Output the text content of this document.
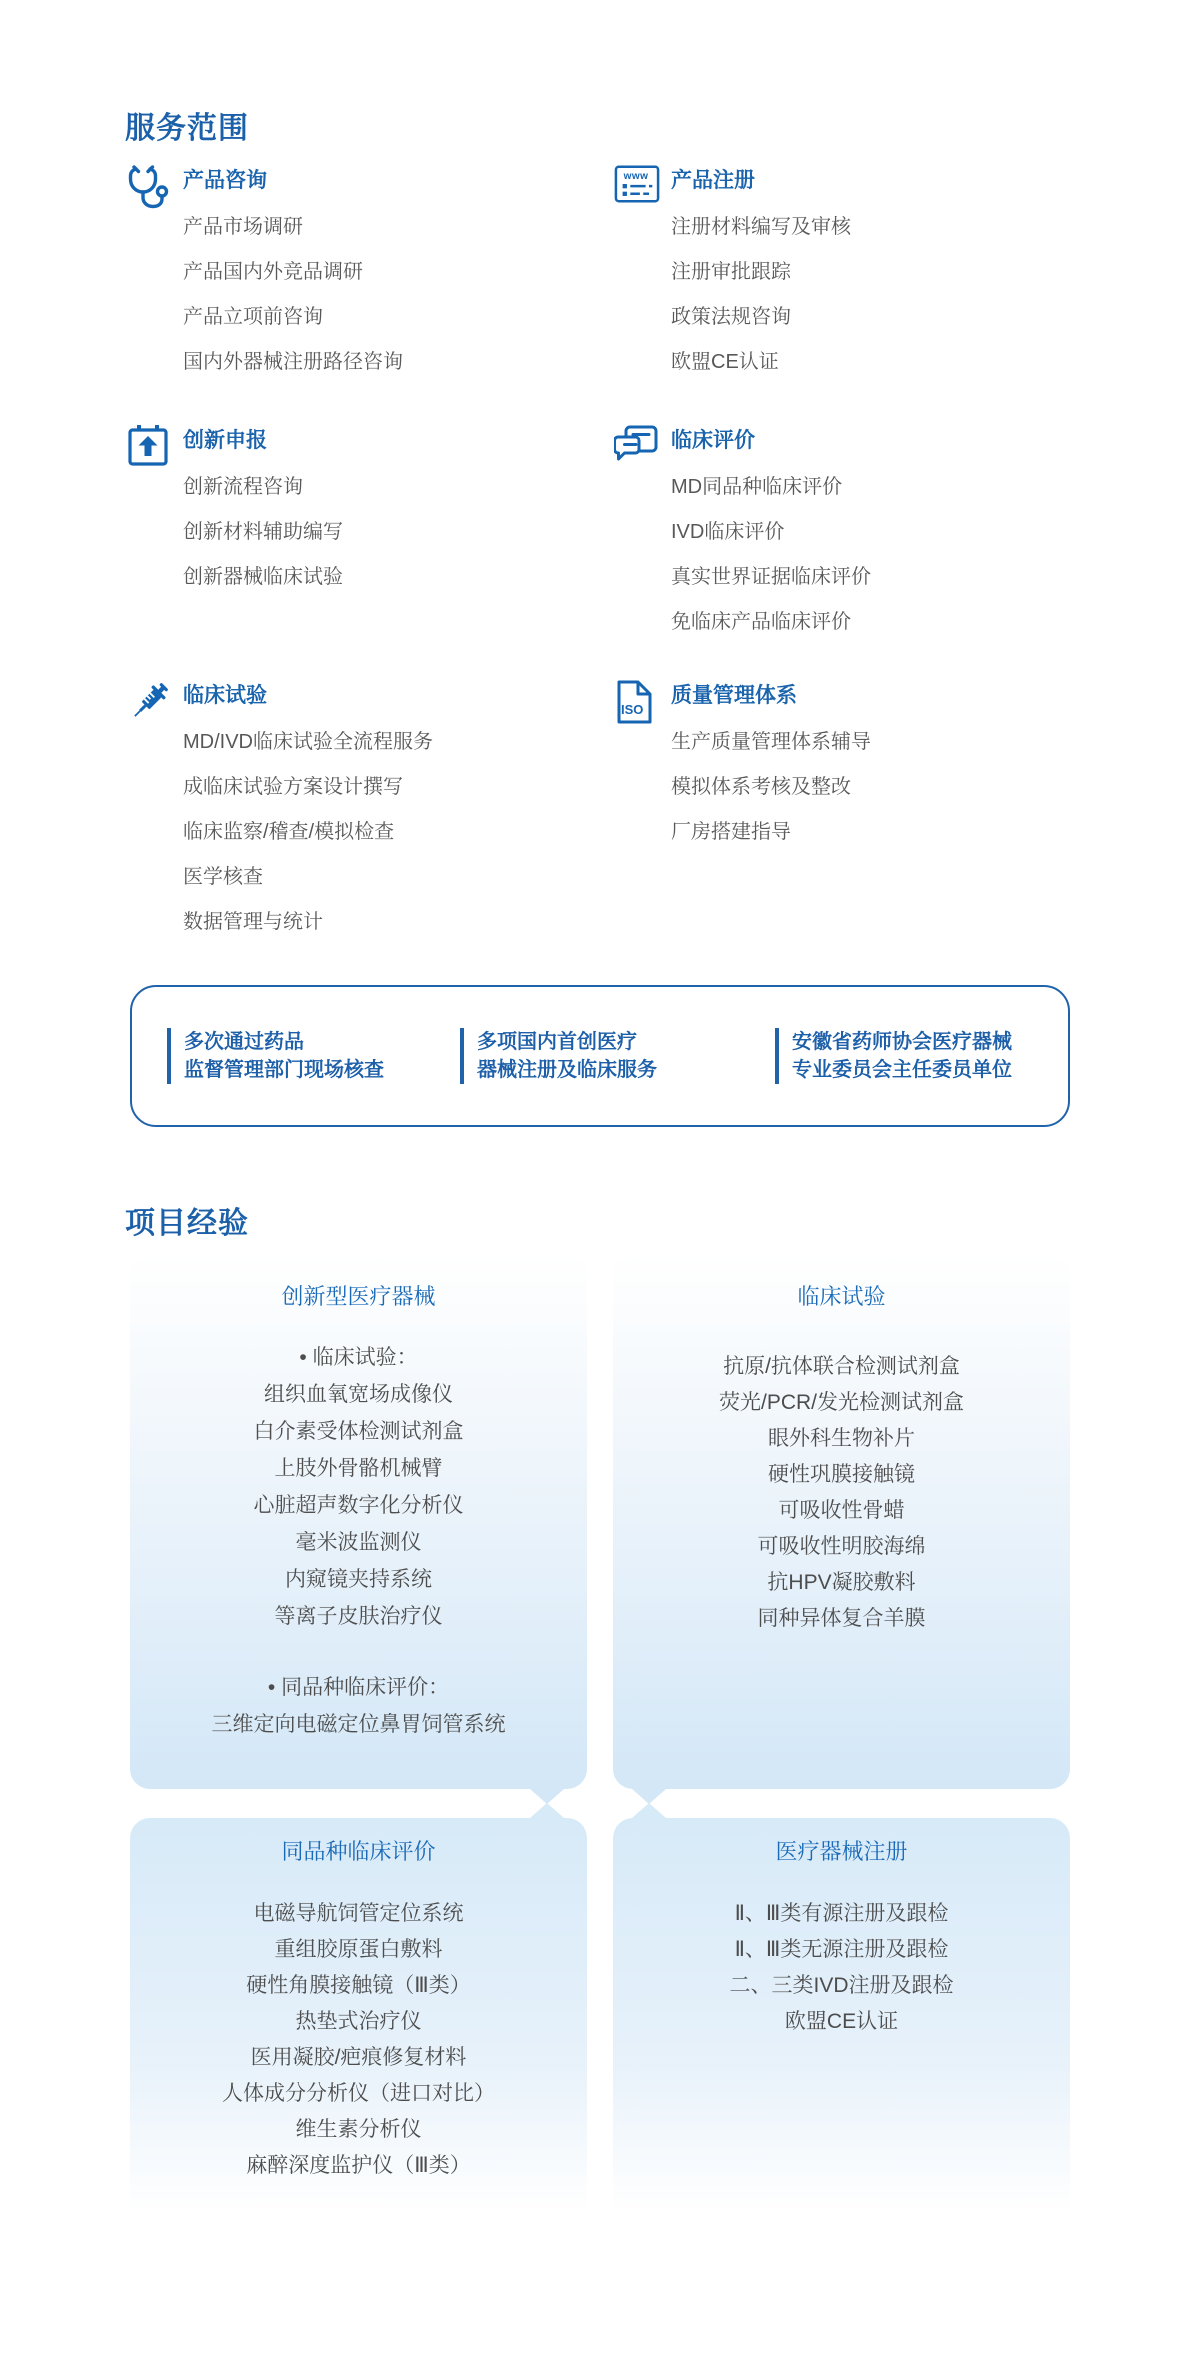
服务范围
产品咨询
产品市场调研
产品国内外竞品调研
产品立项前咨询
国内外器械注册路径咨询
www 产品注册
注册材料编写及审核
注册审批跟踪
政策法规咨询
欧盟CE认证
创新申报
创新流程咨询
创新材料辅助编写
创新器械临床试验
临床评价
MD同品种临床评价
IVD临床评价
真实世界证据临床评价
免临床产品临床评价
临床试验
MD/IVD临床试验全流程服务
成临床试验方案设计撰写
临床监察/稽查/模拟检查
医学核查
数据管理与统计
ISO
质量管理体系
生产质量管理体系辅导
模拟体系考核及整改
厂房搭建指导
多次通过药品
监督管理部门现场核查
多项国内首创医疗
器械注册及临床服务
安徽省药师协会医疗器械
专业委员会主任委员单位
项目经验
创新型医疗器械
• 临床试验：
组织血氧宽场成像仪
白介素受体检测试剂盒
上肢外骨骼机械臂
心脏超声数字化分析仪
毫米波监测仪
内窥镜夹持系统
等离子皮肤治疗仪
• 同品种临床评价：
三维定向电磁定位鼻胃饲管系统
临床试验
抗原/抗体联合检测试剂盒
荧光/PCR/发光检测试剂盒
眼外科生物补片
硬性巩膜接触镜
可吸收性骨蜡
可吸收性明胶海绵
抗HPV凝胶敷料
同种异体复合羊膜
同品种临床评价
电磁导航饲管定位系统
重组胶原蛋白敷料
硬性角膜接触镜（Ⅲ类）
热垫式治疗仪
医用凝胶/疤痕修复材料
人体成分分析仪（进口对比）
维生素分析仪
麻醉深度监护仪（Ⅲ类）
医疗器械注册
Ⅱ、Ⅲ类有源注册及跟检
Ⅱ、Ⅲ类无源注册及跟检
二、三类IVD注册及跟检
欧盟CE认证
